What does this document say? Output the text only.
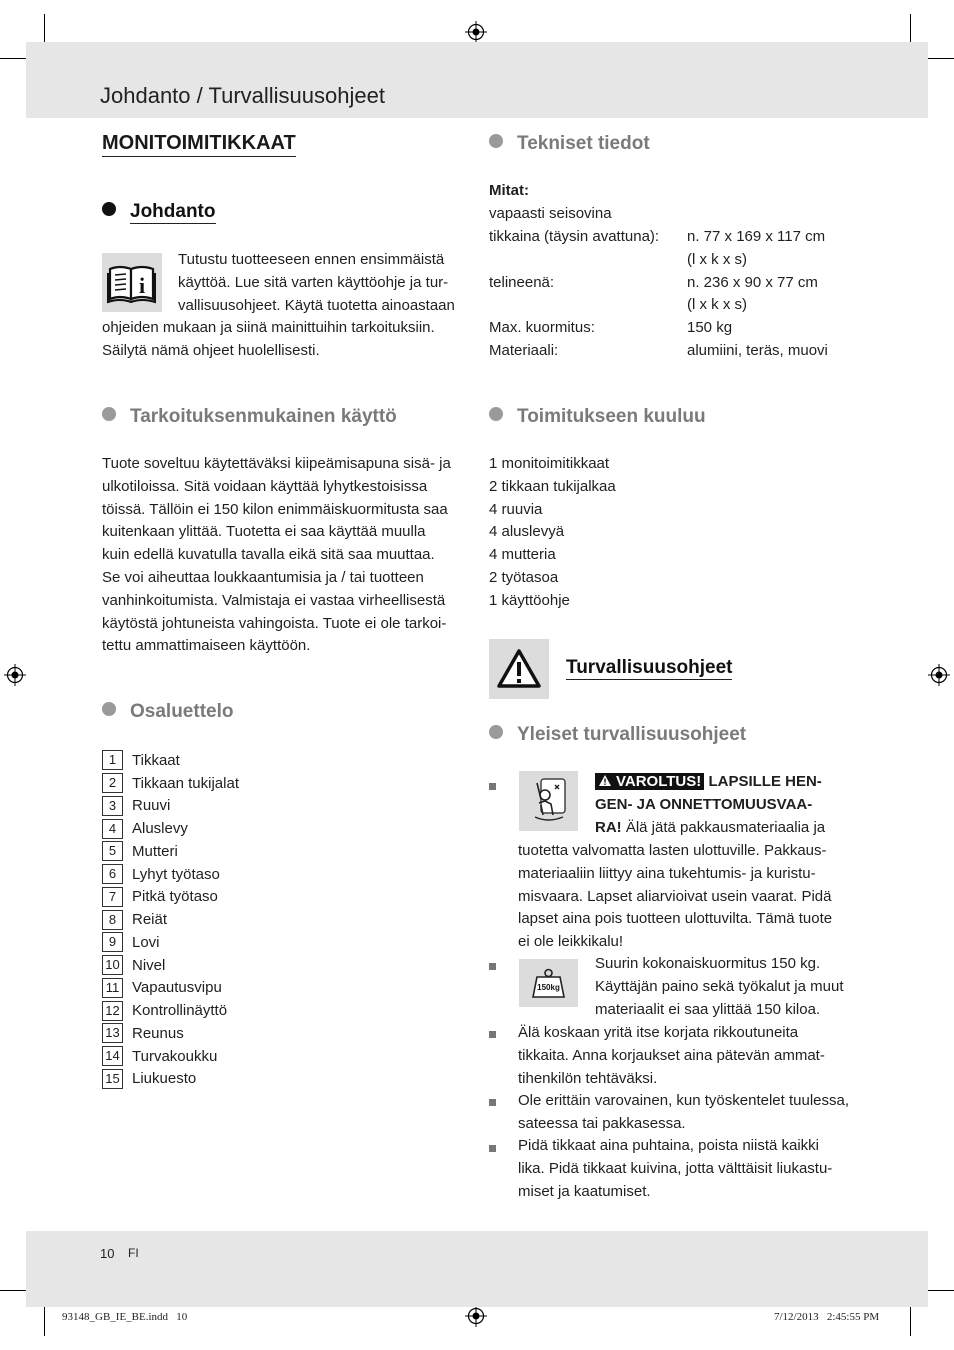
Johdanto / Turvallisuusohjeet
MONITOIMITIKKAAT
Johdanto
i

Tutustu tuotteeseen ennen ensimmäistä

käyttöä. Lue sitä varten käyttöohje ja tur-

vallisuusohjeet. Käytä tuotetta ainoastaan

ohjeiden mukaan ja siinä mainittuihin tarkoituksiin.

Säilytä nämä ohjeet huolellisesti.

Tarkoituksenmukainen käyttö

Tuote soveltuu käytettäväksi kiipeämisapuna sisä- ja

ulkotiloissa. Sitä voidaan käyttää lyhytkestoisissa

töissä. Tällöin ei 150 kilon enimmäiskuormitusta saa

kuitenkaan ylittää. Tuotetta ei saa käyttää muulla

kuin edellä kuvatulla tavalla eikä sitä saa muuttaa.

Se voi aiheuttaa loukkaantumisia ja / tai tuotteen

vanhinkoitumista. Valmistaja ei vastaa virheellisestä

käytöstä johtuneista vahingoista. Tuote ei ole tarkoi-

tettu ammattimaiseen käyttöön.

Osaluettelo
1	Tikkaat
2	Tikkaan tukijalat
3	Ruuvi
4	Aluslevy
5	Mutteri
6	Lyhyt työtaso
7	Pitkä työtaso
8	Reiät
9	Lovi
10 Nivel
11 Vapautusvipu
12 Kontrollinäyttö
13 Reunus
14 Turvakoukku
15 Liukuesto
Tekniset tiedot
Mitat:
vapaasti seisovina
tikkaina (täysin avattuna): n. 77 x 169 x 117 cm
(l x k x s)
telineenä:	n. 236 x 90 x 77 cm
(l x k x s)
Max. kuormitus:	150 kg
Materiaali:	alumiini, teräs, muovi
Toimitukseen kuuluu

1 monitoimitikkaat

2 tikkaan tukijalkaa

4 ruuvia

4 aluslevyä

4 mutteria

2 työtasoa

1 käyttöohje

Turvallisuusohjeet
Yleiset turvallisuusohjeet

VAROLTUS! LAPSILLE HEN-

GEN- JA ONNETTOMUUSVAA-

RA! Älä jätä pakkausmateriaalia ja

tuotetta valvomatta lasten ulottuville. Pakkaus-

materiaaliin liittyy aina tukehtumis- ja kuristu-

misvaara. Lapset aliarvioivat usein vaarat. Pidä

lapset aina pois tuotteen ulottuvilta. Tämä tuote

ei ole leikkikalu!

150kg

Suurin kokonaiskuormitus 150 kg.

Käyttäjän paino sekä työkalut ja muut

materiaalit ei saa ylittää 150 kiloa.

Älä koskaan yritä itse korjata rikkoutuneita

tikkaita. Anna korjaukset aina pätevän ammat-

tihenkilön tehtäväksi.

Ole erittäin varovainen, kun työskentelet tuulessa,

sateessa tai pakkasessa.

Pidä tikkaat aina puhtaina, poista niistä kaikki

lika. Pidä tikkaat kuivina, jotta välttäisit liukastu-

miset ja kaatumiset.

10 FI
93148_GB_IE_BE.indd   10	7/12/2013   2:45:55 PM
